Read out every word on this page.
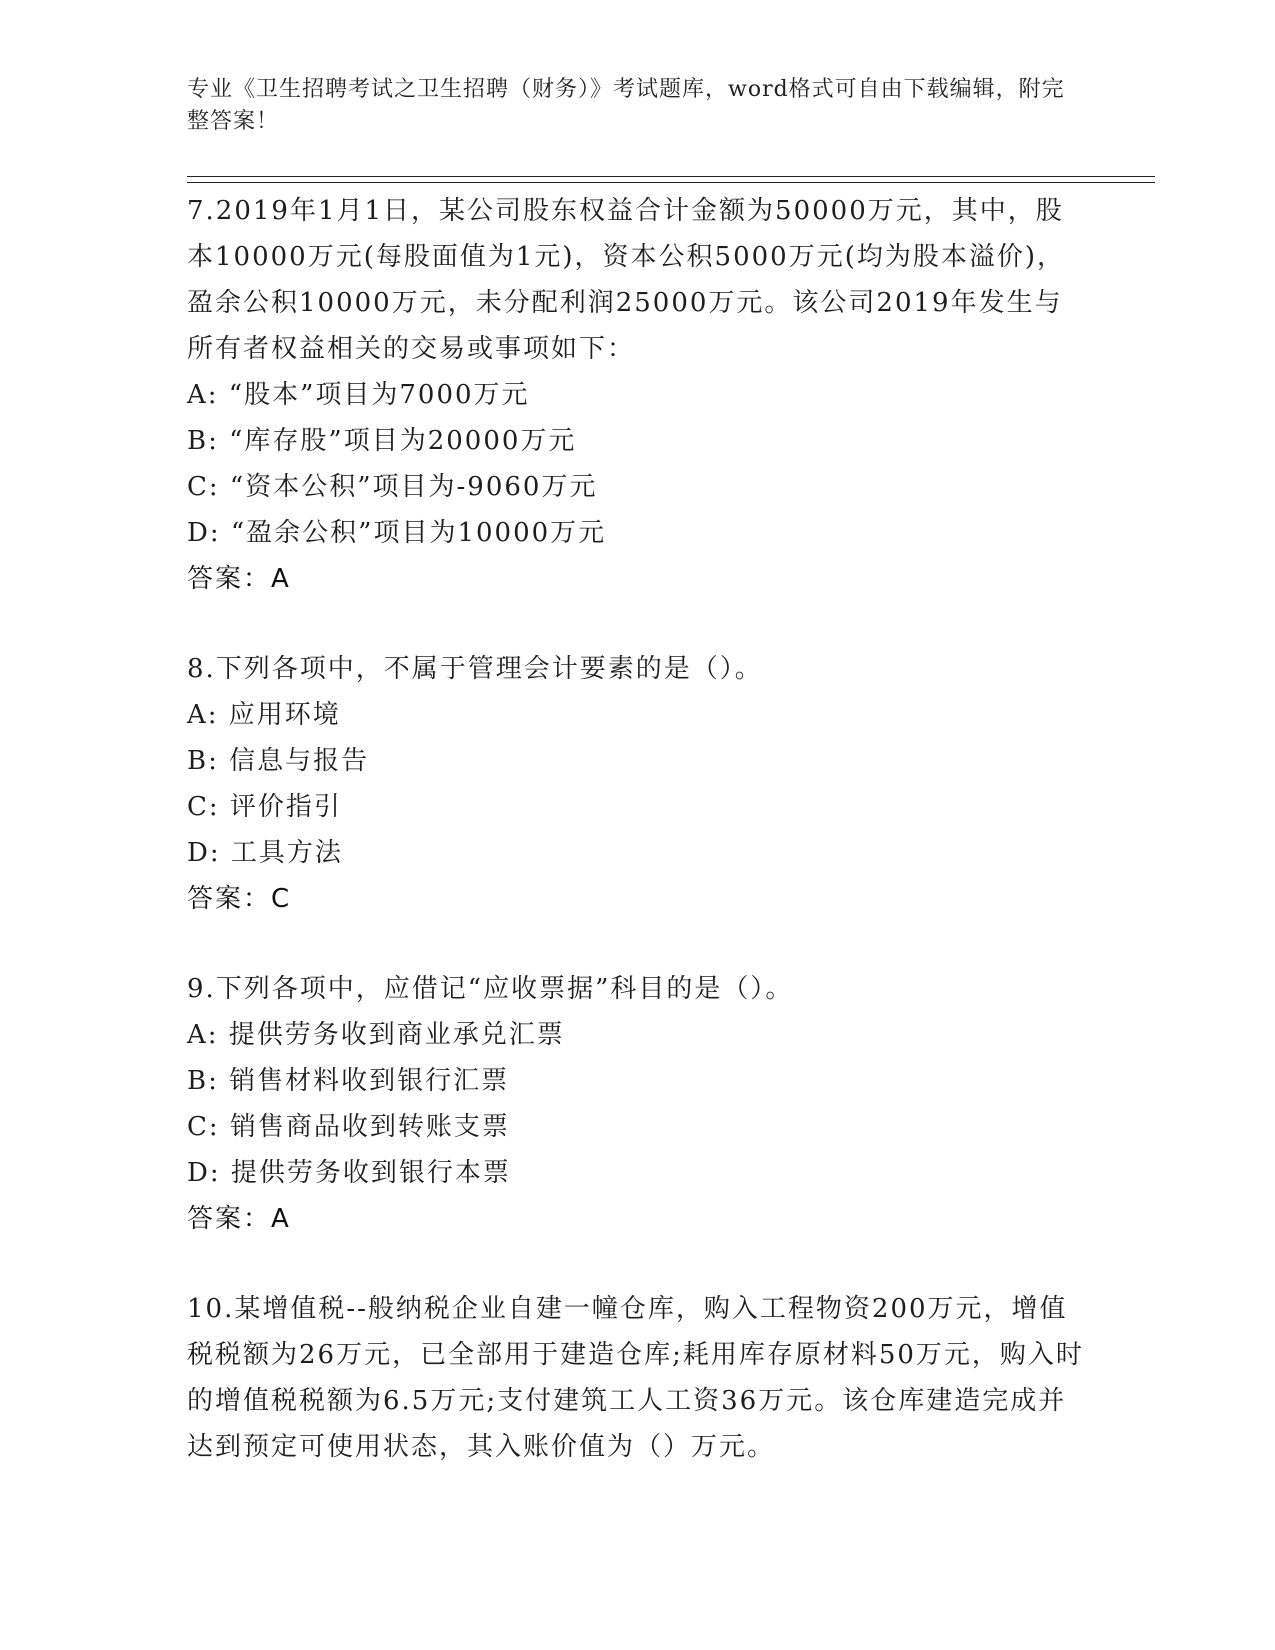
专业《卫生招聘考试之卫生招聘（财务）》考试题库，word格式可自由下载编辑，附完整答案！

7.2019年1月1日，某公司股东权益合计金额为50000万元，其中，股本10000万元(每股面值为1元)，资本公积5000万元(均为股本溢价)，盈余公积10000万元，未分配利润25000万元。该公司2019年发生与所有者权益相关的交易或事项如下：

A: “股本”项目为7000万元

B: “库存股”项目为20000万元

C: “资本公积”项目为-9060万元

D: “盈余公积”项目为10000万元

答案：A

8.下列各项中，不属于管理会计要素的是（）。

A: 应用环境

B: 信息与报告

C: 评价指引

D: 工具方法

答案：C

9.下列各项中，应借记“应收票据”科目的是（）。

A: 提供劳务收到商业承兑汇票

B: 销售材料收到银行汇票

C: 销售商品收到转账支票

D: 提供劳务收到银行本票

答案：A

10.某增值税--般纳税企业自建一幢仓库，购入工程物资200万元，增值税税额为26万元，已全部用于建造仓库;耗用库存原材料50万元，购入时的增值税税额为6.5万元;支付建筑工人工资36万元。该仓库建造完成并达到预定可使用状态，其入账价值为（）万元。
